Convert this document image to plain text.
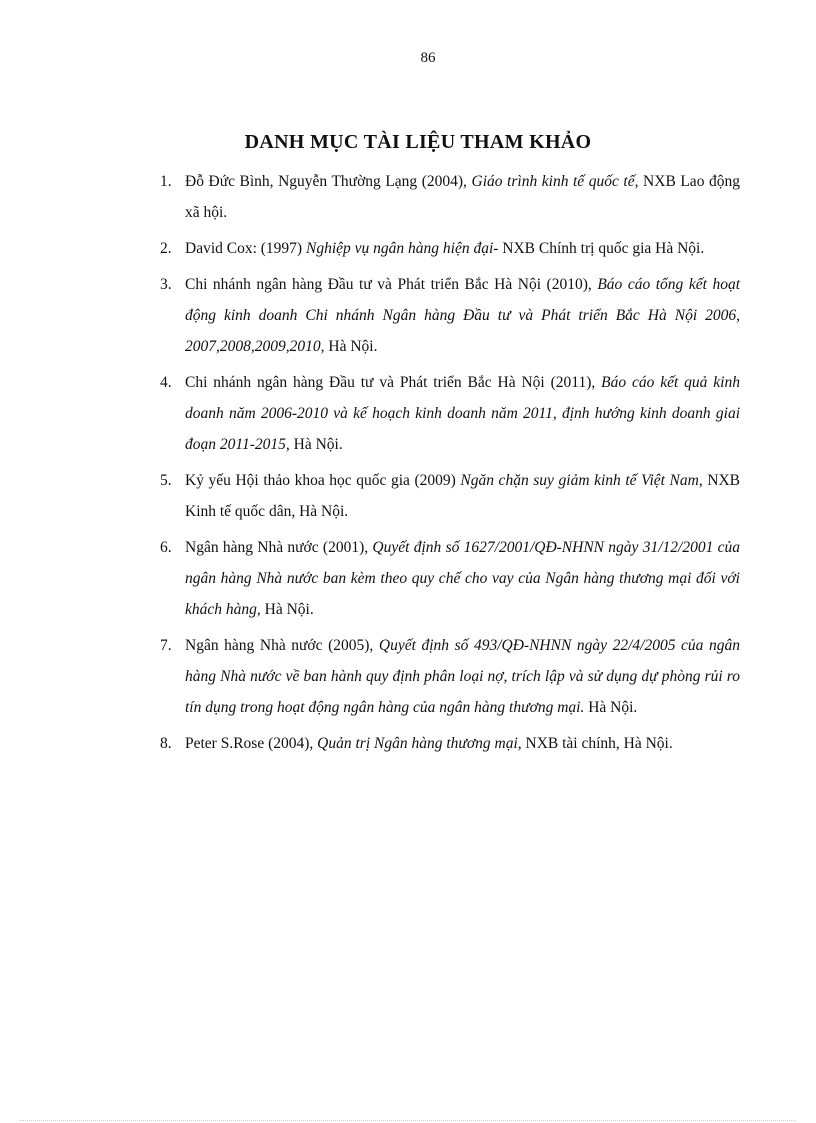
86
DANH MỤC TÀI LIỆU THAM KHẢO
1. Đỗ Đức Bình, Nguyễn Thường Lạng (2004), Giáo trình kinh tế quốc tế, NXB Lao động xã hội.
2. David Cox: (1997) Nghiệp vụ ngân hàng hiện đại- NXB Chính trị quốc gia Hà Nội.
3. Chi nhánh ngân hàng Đầu tư và Phát triển Bắc Hà Nội (2010), Báo cáo tổng kết hoạt động kinh doanh Chi nhánh Ngân hàng Đầu tư và Phát triển Bắc Hà Nội 2006, 2007,2008,2009,2010, Hà Nội.
4. Chi nhánh ngân hàng Đầu tư và Phát triển Bắc Hà Nội (2011), Báo cáo kết quả kinh doanh năm 2006-2010 và kế hoạch kinh doanh năm 2011, định hướng kinh doanh giai đoạn 2011-2015, Hà Nội.
5. Kỷ yếu Hội thảo khoa học quốc gia (2009) Ngăn chặn suy giảm kinh tế Việt Nam, NXB Kinh tế quốc dân, Hà Nội.
6. Ngân hàng Nhà nước (2001), Quyết định số 1627/2001/QĐ-NHNN ngày 31/12/2001 của ngân hàng Nhà nước ban kèm theo quy chế cho vay của Ngân hàng thương mại đối với khách hàng, Hà Nội.
7. Ngân hàng Nhà nước (2005), Quyết định số 493/QĐ-NHNN ngày 22/4/2005 của ngân hàng Nhà nước về ban hành quy định phân loại nợ, trích lập và sử dụng dự phòng rủi ro tín dụng trong hoạt động ngân hàng của ngân hàng thương mại. Hà Nội.
8. Peter S.Rose (2004), Quản trị Ngân hàng thương mại, NXB tài chính, Hà Nội.
